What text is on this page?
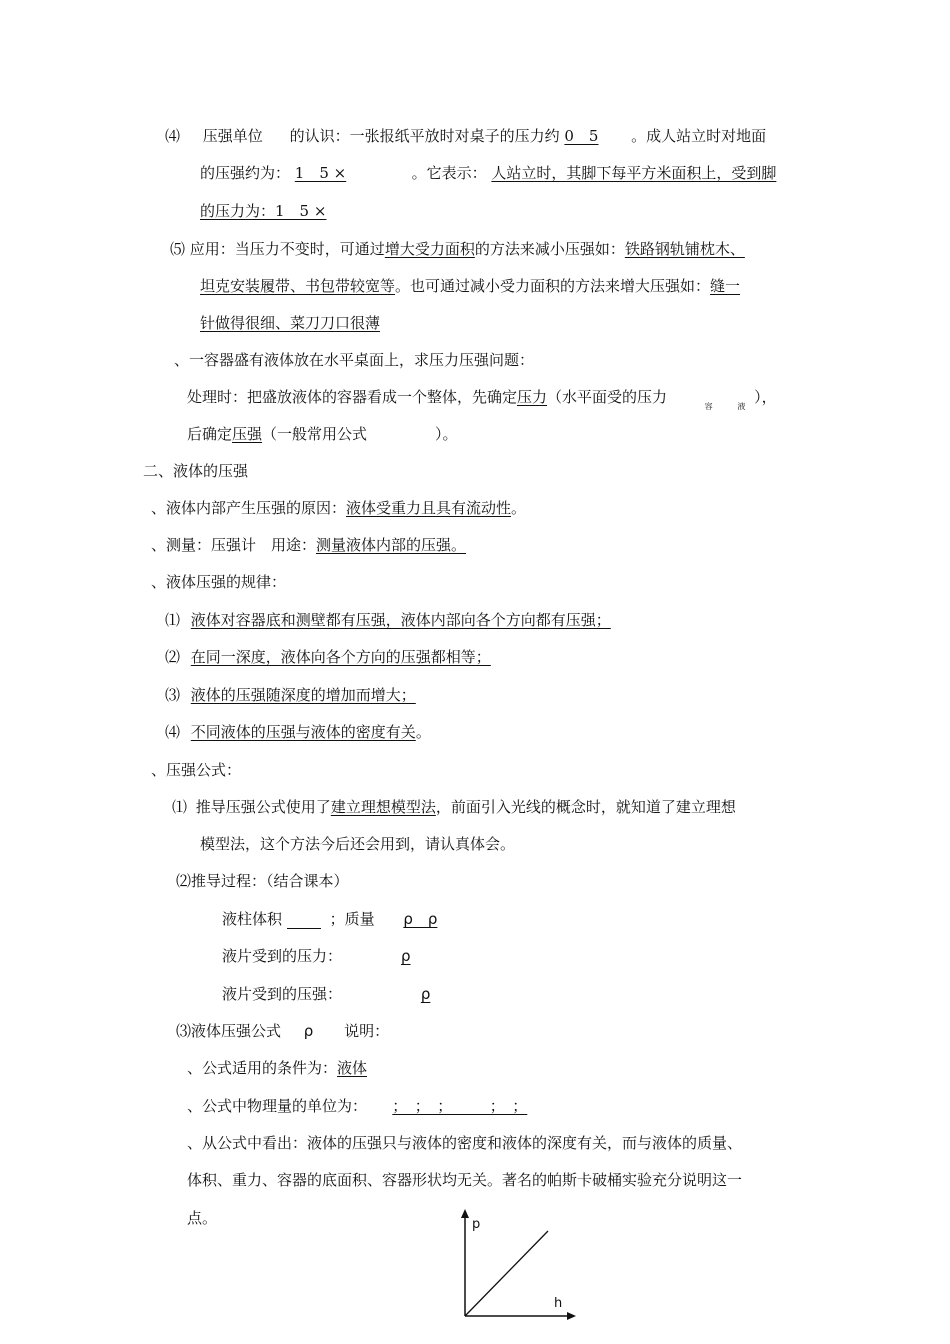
⑷ 压强单位 的认识：一张报纸平放时对桌子的压力约 0　5 。成人站立时对地面
的压强约为： 1　5 ×	。它表示： 人站立时，其脚下每平方米面积上，受到脚
的压力为：1　5 ×
⑸ 应用：当压力不变时，可通过增大受力面积的方法来减小压强如：铁路钢轨铺枕木、
坦克安装履带、书包带较宽等。也可通过减小受力面积的方法来增大压强如：缝一
针做得很细、菜刀刀口很薄
、一容器盛有液体放在水平桌面上，求压力压强问题：
处理时：把盛放液体的容器看成一个整体，先确定压力（水平面受的压力  $_容$	$_液$ ），
后确定压强（一般常用公式	）。
二、液体的压强
、液体内部产生压强的原因：液体受重力且具有流动性。
、测量：压强计　用途：测量液体内部的压强。
、液体压强的规律：
⑴ 液体对容器底和测壁都有压强，液体内部向各个方向都有压强；
⑵ 在同一深度，液体向各个方向的压强都相等；
⑶ 液体的压强随深度的增加而增大；
⑷ 不同液体的压强与液体的密度有关。
、压强公式：
⑴ 推导压强公式使用了建立理想模型法，前面引入光线的概念时，就知道了建立理想
模型法，这个方法今后还会用到，请认真体会。
⑵推导过程：（结合课本）
液柱体积	；质量 ρ　ρ
液片受到的压力：	ρ
液片受到的压强：	ρ
⑶液体压强公式 ρ 说明：
、公式适用的条件为：液体
、公式中物理量的单位为： ；　；　；　　　；　；
、从公式中看出：液体的压强只与液体的密度和液体的深度有关，而与液体的质量、
体积、重力、容器的底面积、容器形状均无关。著名的帕斯卡破桶实验充分说明这一
点。	p
h
